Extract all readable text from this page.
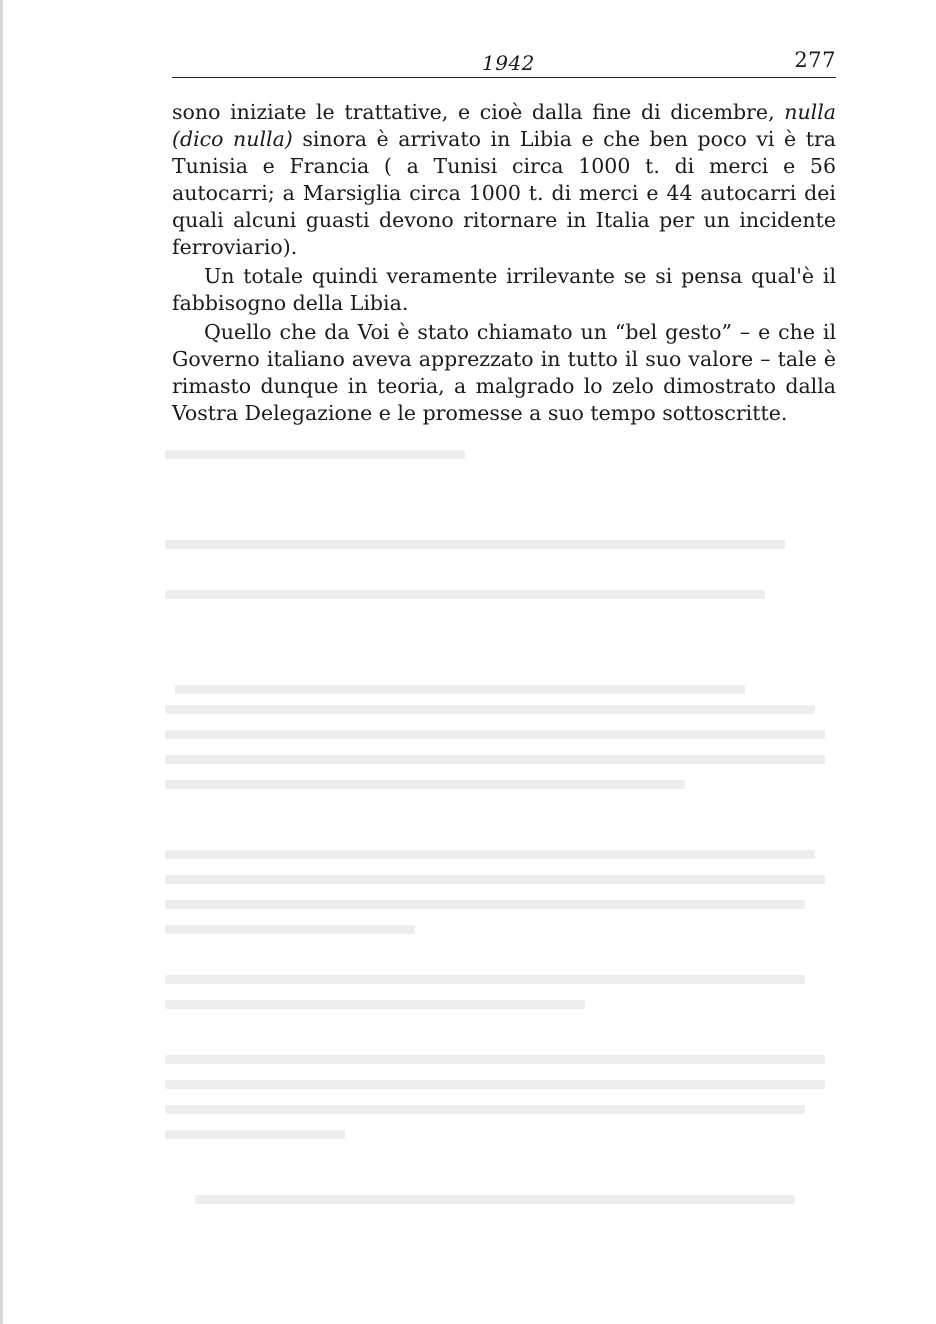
1942	277

sono iniziate le trattative, e cioè dalla fine di dicembre, nulla (dico nulla) sinora è arrivato in Libia e che ben poco vi è tra Tunisia e Francia ( a Tunisi circa 1000 t. di merci e 56 autocarri; a Marsiglia circa 1000 t. di merci e 44 autocarri dei quali alcuni guasti devono ritornare in Italia per un incidente ferroviario).

Un totale quindi veramente irrilevante se si pensa qual'è il fabbisogno della Libia.

Quello che da Voi è stato chiamato un “bel gesto” – e che il Governo italiano aveva apprezzato in tutto il suo valore – tale è rimasto dunque in teoria, a malgrado lo zelo dimostrato dalla Vostra Delegazione e le promesse a suo tempo sottoscritte.
